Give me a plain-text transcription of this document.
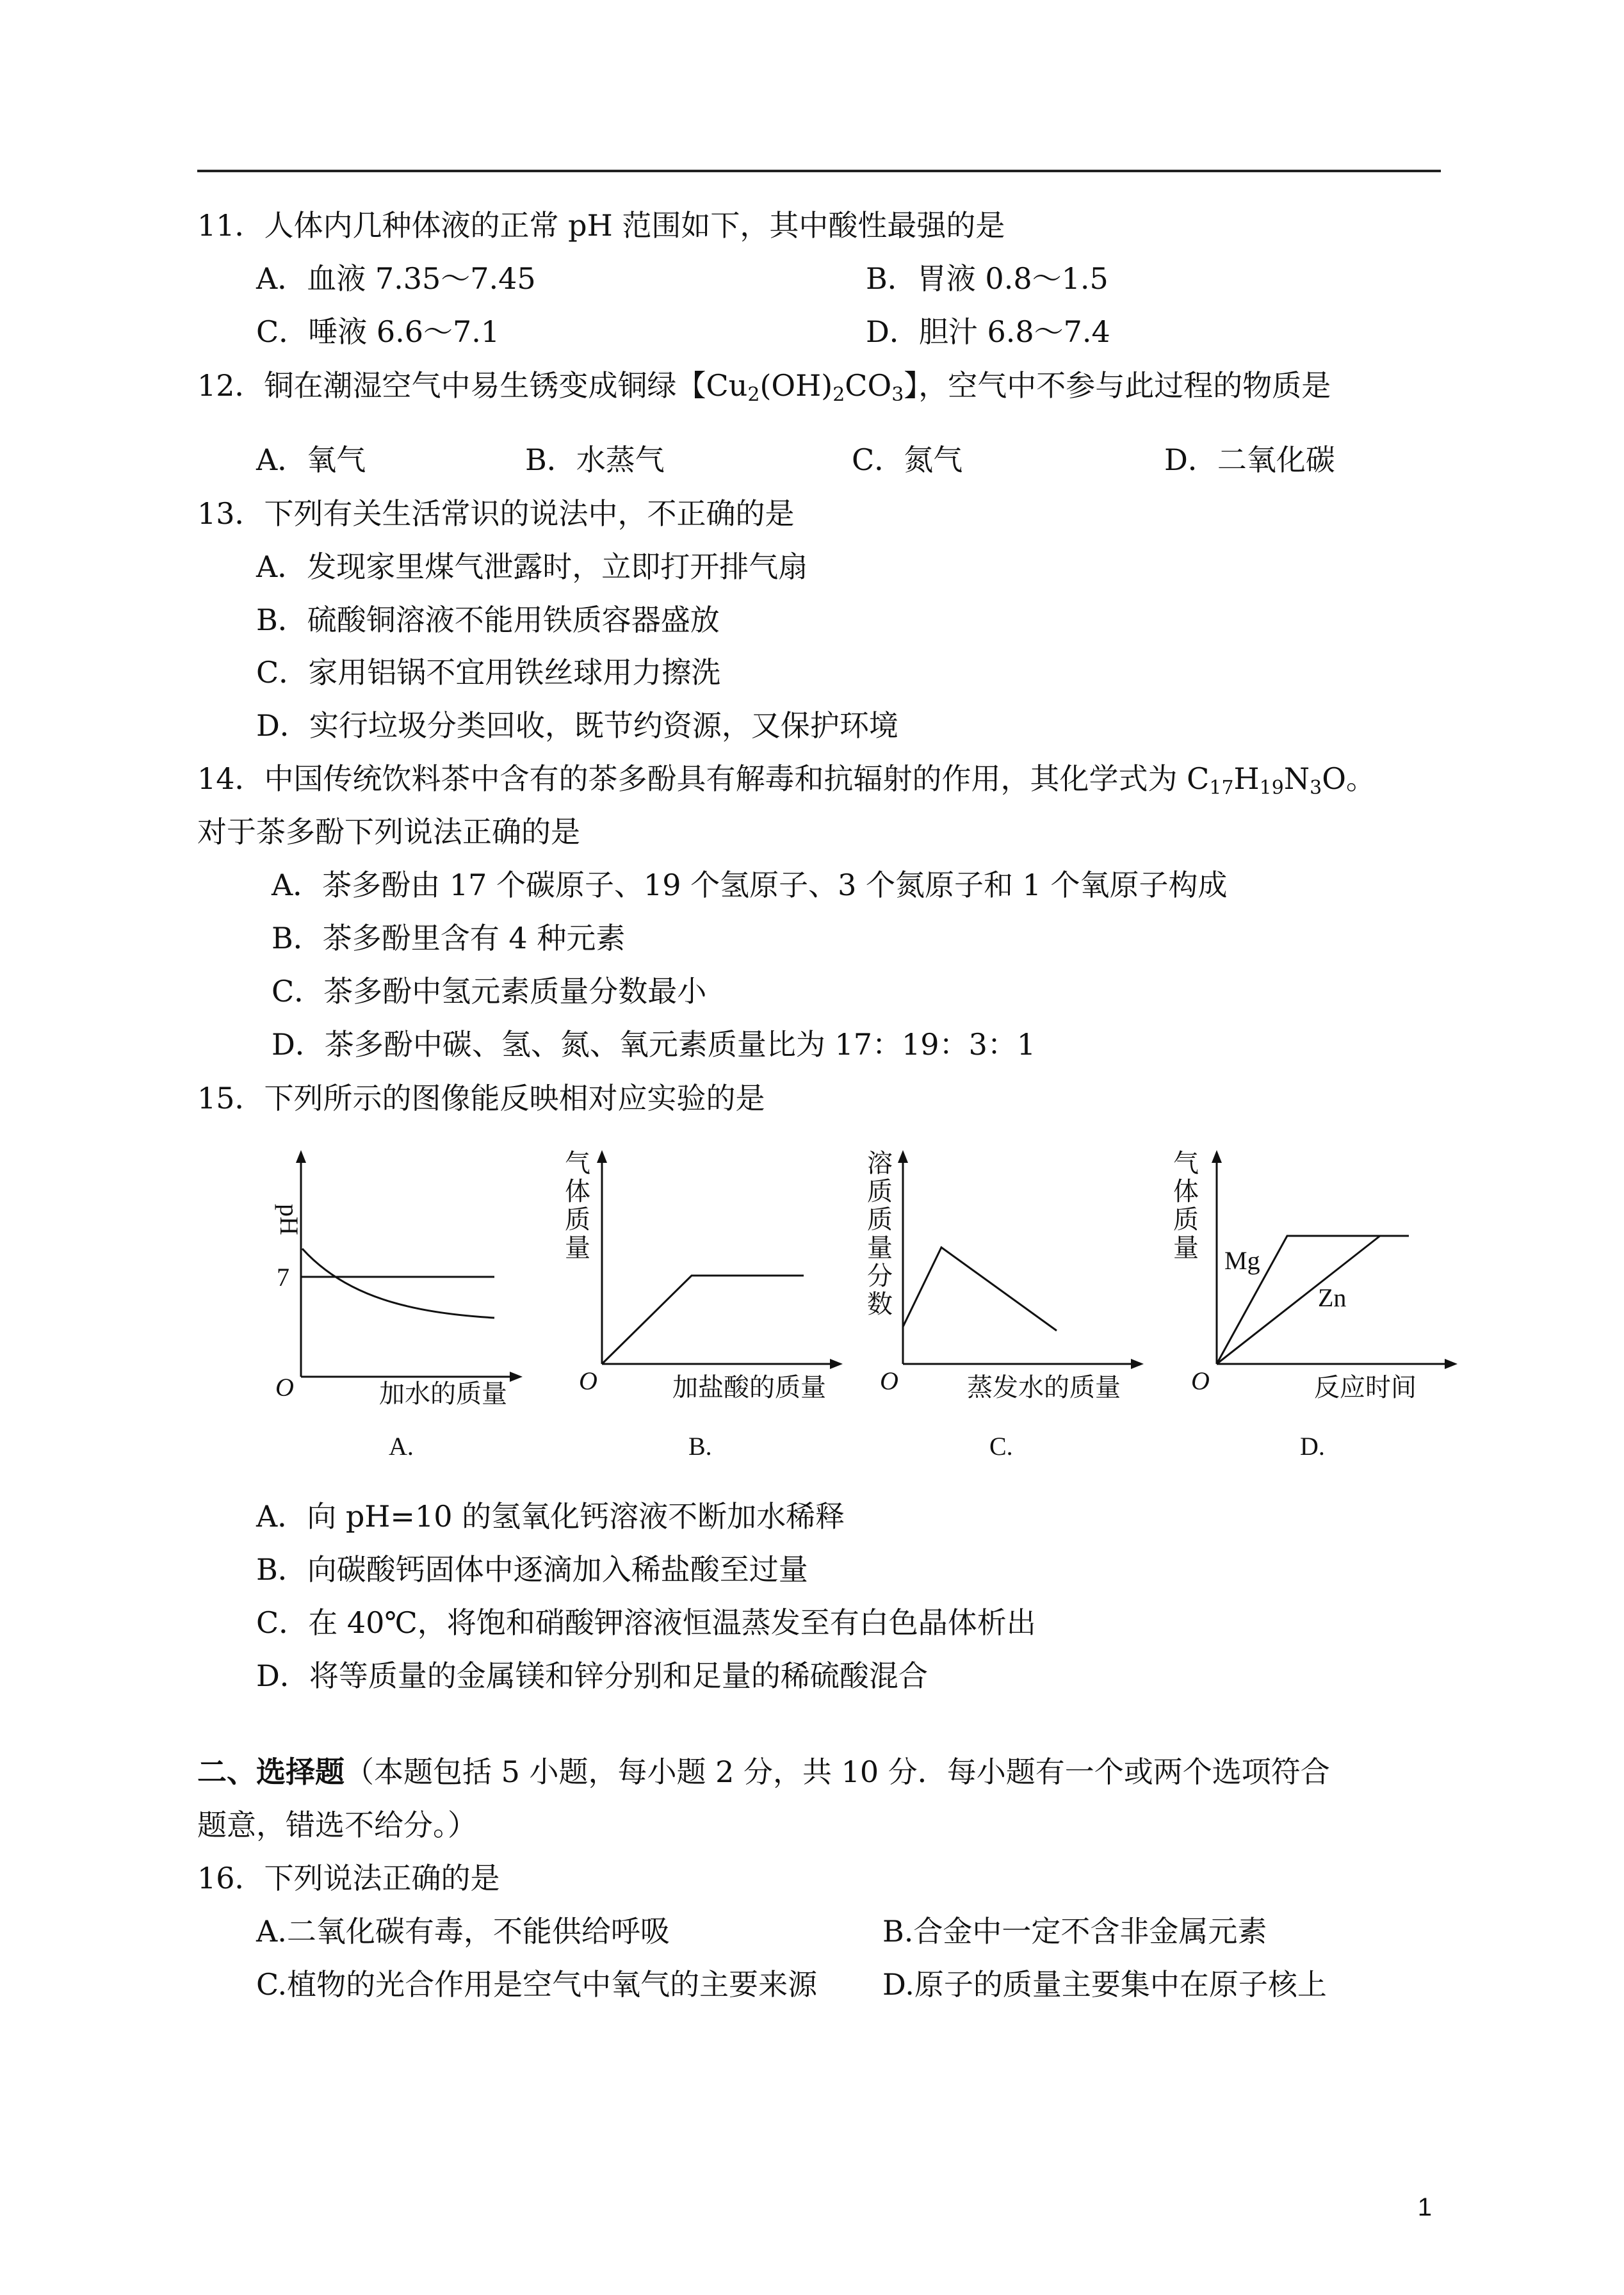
11．人体内几种体液的正常 pH 范围如下，其中酸性最强的是
A．血液 7.35～7.45	B．胃液 0.8～1.5
C．唾液 6.6～7.1	D．胆汁 6.8～7.4
12．铜在潮湿空气中易生锈变成铜绿【$Cu_2(OH)_2CO_3$】，空气中不参与此过程的物质是
A．氧气	B．水蒸气	C．氮气	D．二氧化碳
13．下列有关生活常识的说法中，不正确的是
A．发现家里煤气泄露时，立即打开排气扇
B．硫酸铜溶液不能用铁质容器盛放
C．家用铝锅不宜用铁丝球用力擦洗
D．实行垃圾分类回收，既节约资源，又保护环境
14．中国传统饮料茶中含有的茶多酚具有解毒和抗辐射的作用，其化学式为 $C_{17}H_{19}N_3O$。
对于茶多酚下列说法正确的是
A．茶多酚由 17 个碳原子、19 个氢原子、3 个氮原子和 1 个氧原子构成
B．茶多酚里含有 4 种元素
C．茶多酚中氢元素质量分数最小
D．茶多酚中碳、氢、氮、氧元素质量比为 17：19：3：1
15．下列所示的图像能反映相对应实验的是
pH
7
O	加水的质量
A.
O	加盐酸的质量
B.
O	蒸发水的质量
C.
Mg
Zn
O	反应时间
D.
气体质量
溶质质量分数
气体质量
A．向 pH=10 的氢氧化钙溶液不断加水稀释
B．向碳酸钙固体中逐滴加入稀盐酸至过量
C．在 40℃，将饱和硝酸钾溶液恒温蒸发至有白色晶体析出
D．将等质量的金属镁和锌分别和足量的稀硫酸混合
二、选择题（本题包括 5 小题，每小题 2 分，共 10 分．每小题有一个或两个选项符合
题意，错选不给分。）
16．下列说法正确的是
A.二氧化碳有毒，不能供给呼吸	B.合金中一定不含非金属元素
C.植物的光合作用是空气中氧气的主要来源 D.原子的质量主要集中在原子核上
1
